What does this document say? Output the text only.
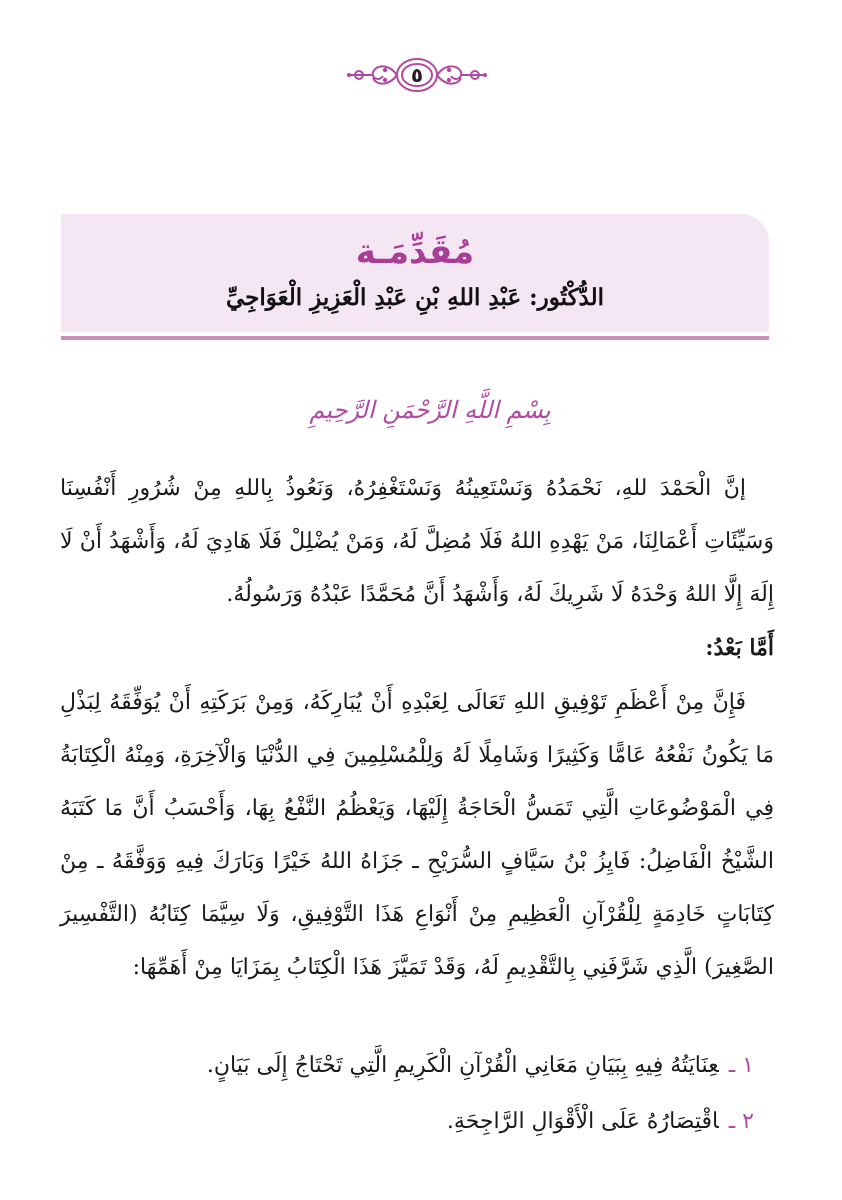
٥
مُقَدِّمَـة
الدُّكْتُور: عَبْدِ اللهِ بْنِ عَبْدِ الْعَزِيزِ الْعَوَاجِيِّ
بِسْمِ اللَّهِ الرَّحْمَنِ الرَّحِيمِ

إنَّ الْحَمْدَ للهِ، نَحْمَدُهُ وَنَسْتَعِينُهُ وَنَسْتَغْفِرُهُ، وَنَعُوذُ بِاللهِ مِنْ شُرُورِ أَنْفُسِنَا وَسَيِّئَاتِ أَعْمَالِنَا، مَنْ يَهْدِهِ اللهُ فَلَا مُضِلَّ لَهُ، وَمَنْ يُضْلِلْ فَلَا هَادِيَ لَهُ، وَأَشْهَدُ أَنْ لَا إِلَهَ إِلَّا اللهُ وَحْدَهُ لَا شَرِيكَ لَهُ، وَأَشْهَدُ أَنَّ مُحَمَّدًا عَبْدُهُ وَرَسُولُهُ.

أَمَّا بَعْدُ:

فَإِنَّ مِنْ أَعْظَمِ تَوْفِيقِ اللهِ تَعَالَى لِعَبْدِهِ أَنْ يُبَارِكَهُ، وَمِنْ بَرَكَتِهِ أَنْ يُوَفِّقَهُ لِبَذْلِ مَا يَكُونُ نَفْعُهُ عَامًّا وَكَثِيرًا وَشَامِلًا لَهُ وَلِلْمُسْلِمِينَ فِي الدُّنْيَا وَالْآخِرَةِ، وَمِنْهُ الْكِتَابَةُ فِي الْمَوْضُوعَاتِ الَّتِي تَمَسُّ الْحَاجَةُ إِلَيْهَا، وَيَعْظُمُ النَّفْعُ بِهَا، وَأَحْسَبُ أَنَّ مَا كَتَبَهُ الشَّيْخُ الْفَاضِلُ: فَايِزُ بْنُ سَيَّافٍ السُّرَيْحِ ـ جَزَاهُ اللهُ خَيْرًا وَبَارَكَ فِيهِ وَوَفَّقَهُ ـ مِنْ كِتَابَاتٍ خَادِمَةٍ لِلْقُرْآنِ الْعَظِيمِ مِنْ أَنْوَاعِ هَذَا التَّوْفِيقِ، وَلَا سِيَّمَا كِتَابُهُ (التَّفْسِيرَ الصَّغِيرَ) الَّذِي شَرَّفَنِي بِالتَّقْدِيمِ لَهُ، وَقَدْ تَمَيَّزَ هَذَا الْكِتَابُ بِمَزَايَا مِنْ أَهَمِّهَا:

١ ـعِنَايَتُهُ فِيهِ بِبَيَانِ مَعَانِي الْقُرْآنِ الْكَرِيمِ الَّتِي تَحْتَاجُ إِلَى بَيَانٍ.
٢ ـاقْتِصَارُهُ عَلَى الْأَقْوَالِ الرَّاجِحَةِ.
